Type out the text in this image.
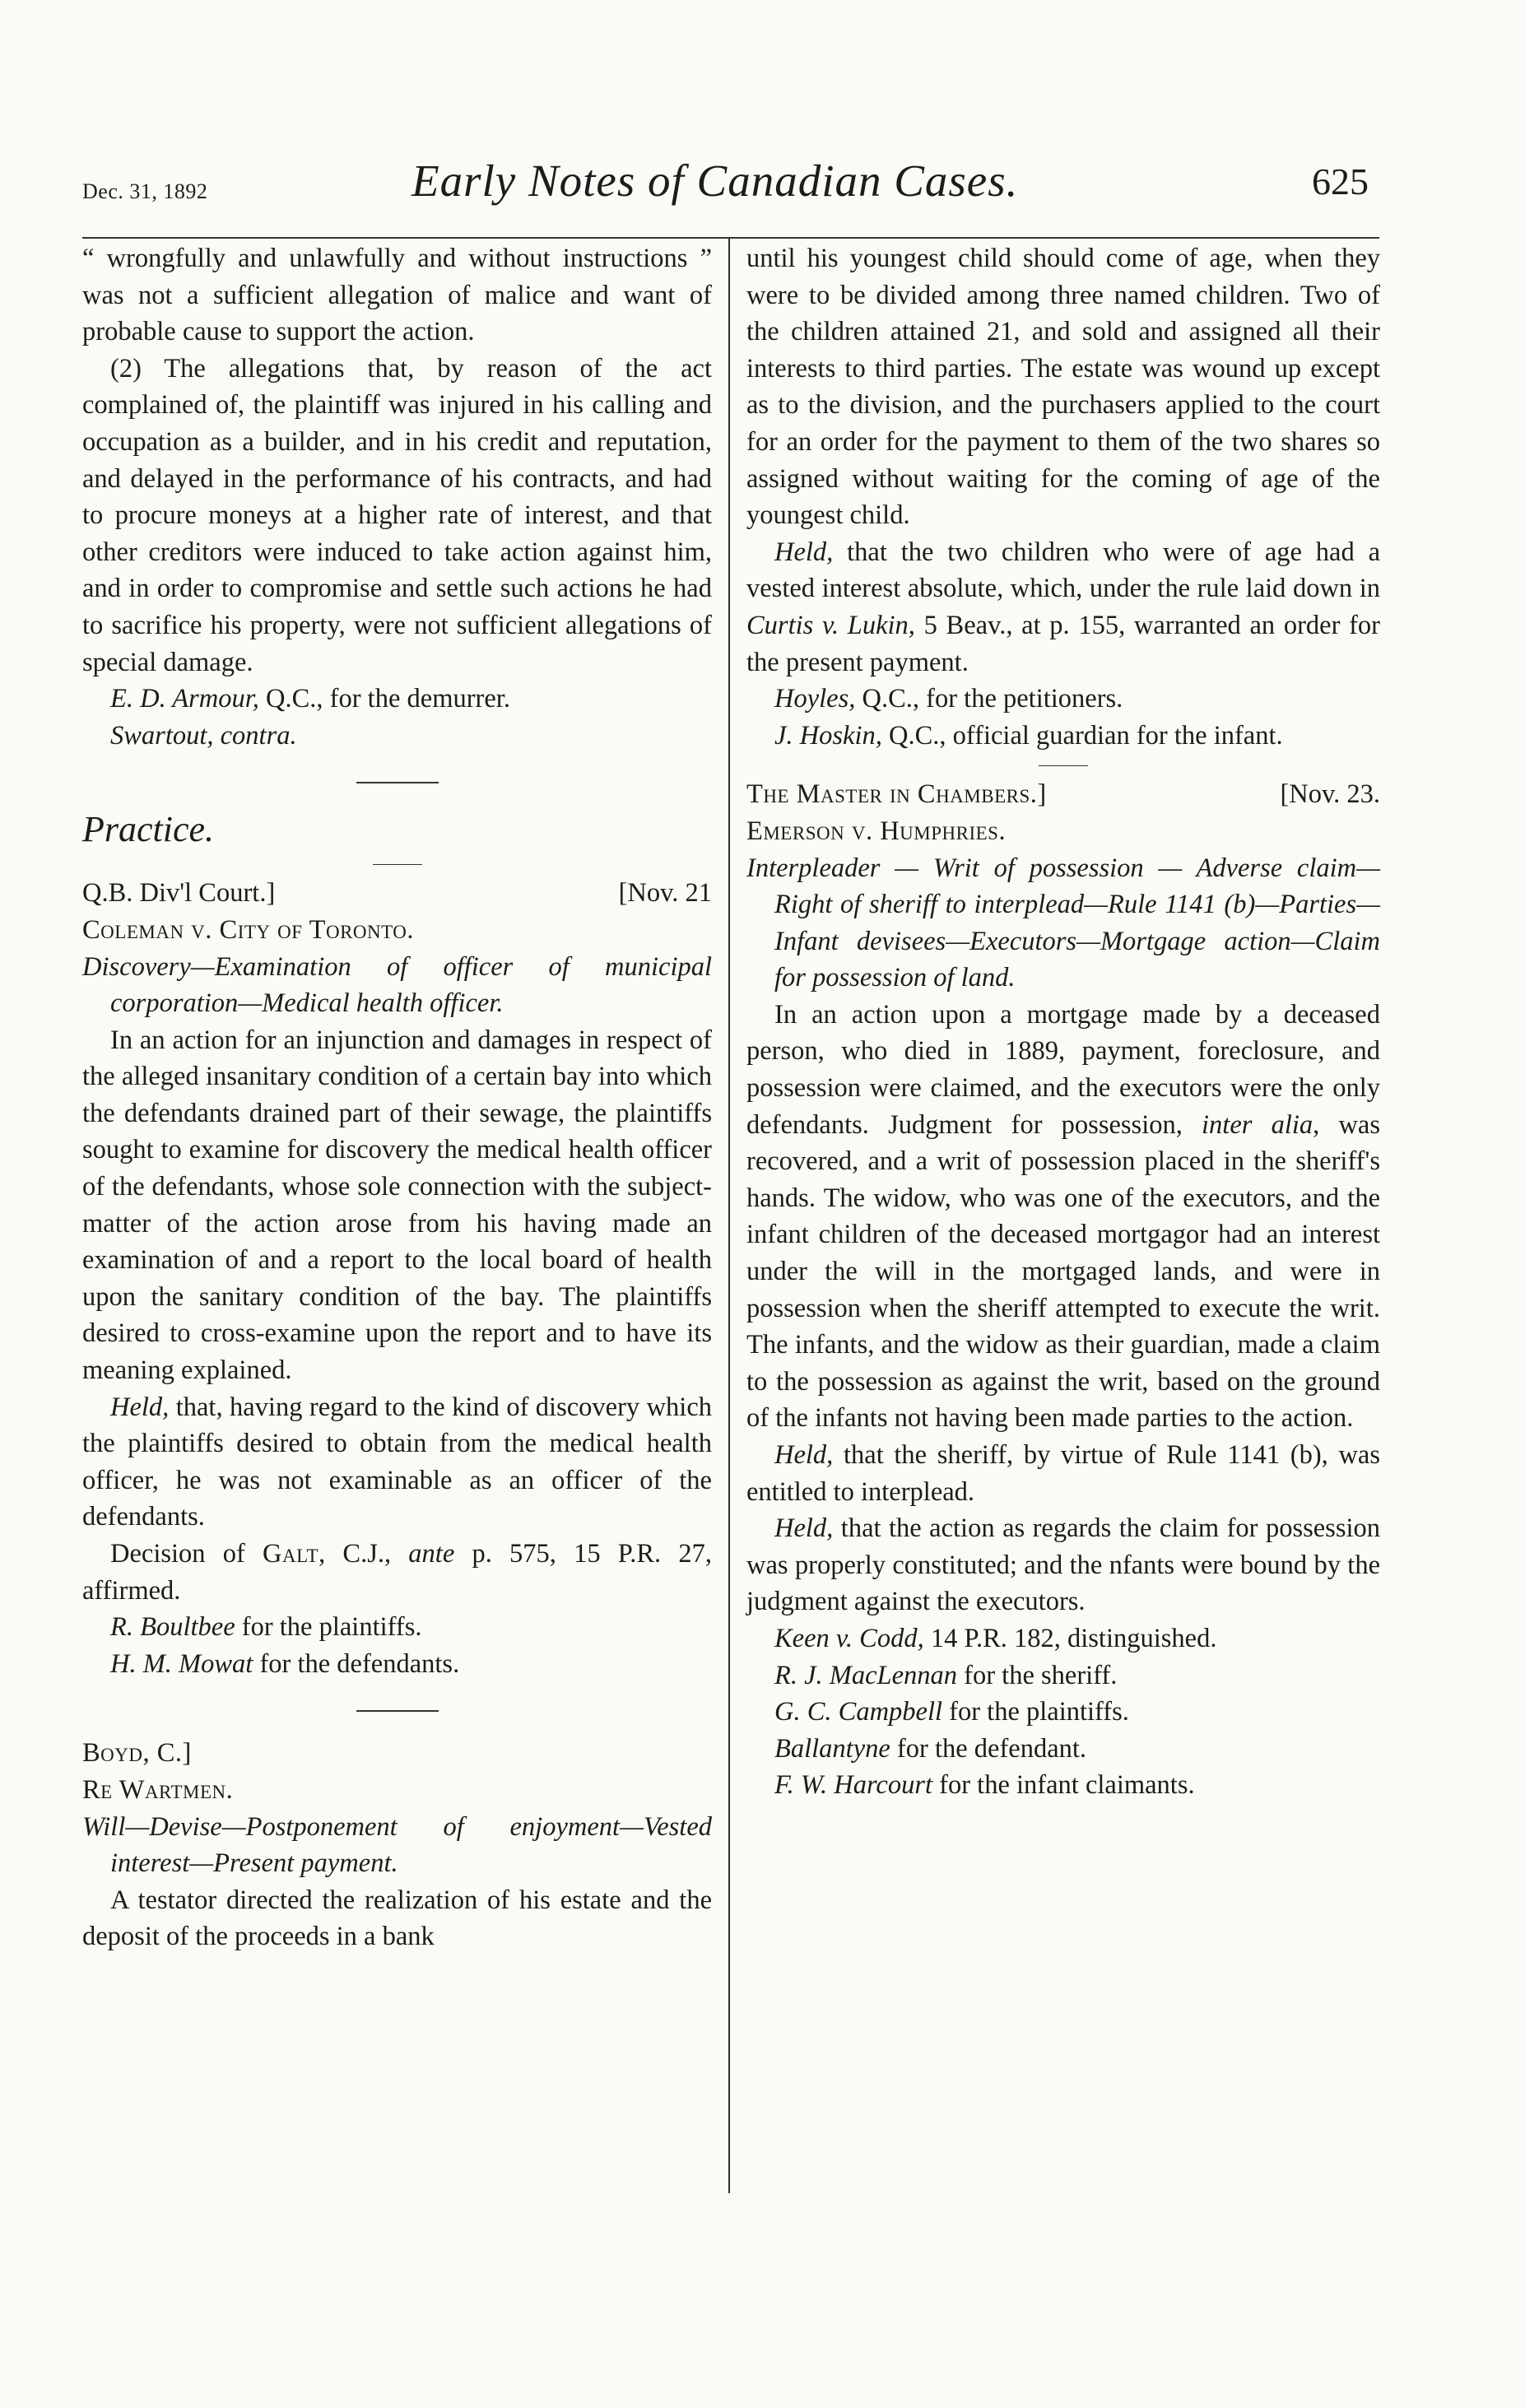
Dec. 31, 1892	Early Notes of Canadian Cases.	625

“ wrongfully and unlawfully and without instructions ” was not a sufficient allegation of malice and want of probable cause to support the action.

(2) The allegations that, by reason of the act complained of, the plaintiff was injured in his calling and occupation as a builder, and in his credit and reputation, and delayed in the performance of his contracts, and had to procure moneys at a higher rate of interest, and that other creditors were induced to take action against him, and in order to compromise and settle such actions he had to sacrifice his property, were not sufficient allegations of special damage.

E. D. Armour, Q.C., for the demurrer.

Swartout, contra.

Practice.

Q.B. Div'l Court.]	[Nov. 21

Coleman v. City of Toronto.

Discovery—Examination of officer of municipal corporation—Medical health officer.

In an action for an injunction and damages in respect of the alleged insanitary condition of a certain bay into which the defendants drained part of their sewage, the plaintiffs sought to examine for discovery the medical health officer of the defendants, whose sole connection with the subject-matter of the action arose from his having made an examination of and a report to the local board of health upon the sanitary condition of the bay. The plaintiffs desired to cross-examine upon the report and to have its meaning explained.

Held, that, having regard to the kind of discovery which the plaintiffs desired to obtain from the medical health officer, he was not examinable as an officer of the defendants.

Decision of Galt, C.J., ante p. 575, 15 P.R. 27, affirmed.

R. Boultbee for the plaintiffs.

H. M. Mowat for the defendants.

Boyd, C.]

Re Wartmen.

Will—Devise—Postponement of enjoyment—Vested interest—Present payment.

A testator directed the realization of his estate and the deposit of the proceeds in a bank

until his youngest child should come of age, when they were to be divided among three named children. Two of the children attained 21, and sold and assigned all their interests to third parties. The estate was wound up except as to the division, and the purchasers applied to the court for an order for the payment to them of the two shares so assigned without waiting for the coming of age of the youngest child.

Held, that the two children who were of age had a vested interest absolute, which, under the rule laid down in Curtis v. Lukin, 5 Beav., at p. 155, warranted an order for the present payment.

Hoyles, Q.C., for the petitioners.

J. Hoskin, Q.C., official guardian for the infant.

The Master in Chambers.]	[Nov. 23.

Emerson v. Humphries.

Interpleader — Writ of possession — Adverse claim—Right of sheriff to interplead—Rule 1141 (b)—Parties—Infant devisees—Executors—Mortgage action—Claim for possession of land.

In an action upon a mortgage made by a deceased person, who died in 1889, payment, foreclosure, and possession were claimed, and the executors were the only defendants. Judgment for possession, inter alia, was recovered, and a writ of possession placed in the sheriff's hands. The widow, who was one of the executors, and the infant children of the deceased mortgagor had an interest under the will in the mortgaged lands, and were in possession when the sheriff attempted to execute the writ. The infants, and the widow as their guardian, made a claim to the possession as against the writ, based on the ground of the infants not having been made parties to the action.

Held, that the sheriff, by virtue of Rule 1141 (b), was entitled to interplead.

Held, that the action as regards the claim for possession was properly constituted; and the nfants were bound by the judgment against the executors.

Keen v. Codd, 14 P.R. 182, distinguished.

R. J. MacLennan for the sheriff.

G. C. Campbell for the plaintiffs.

Ballantyne for the defendant.

F. W. Harcourt for the infant claimants.
